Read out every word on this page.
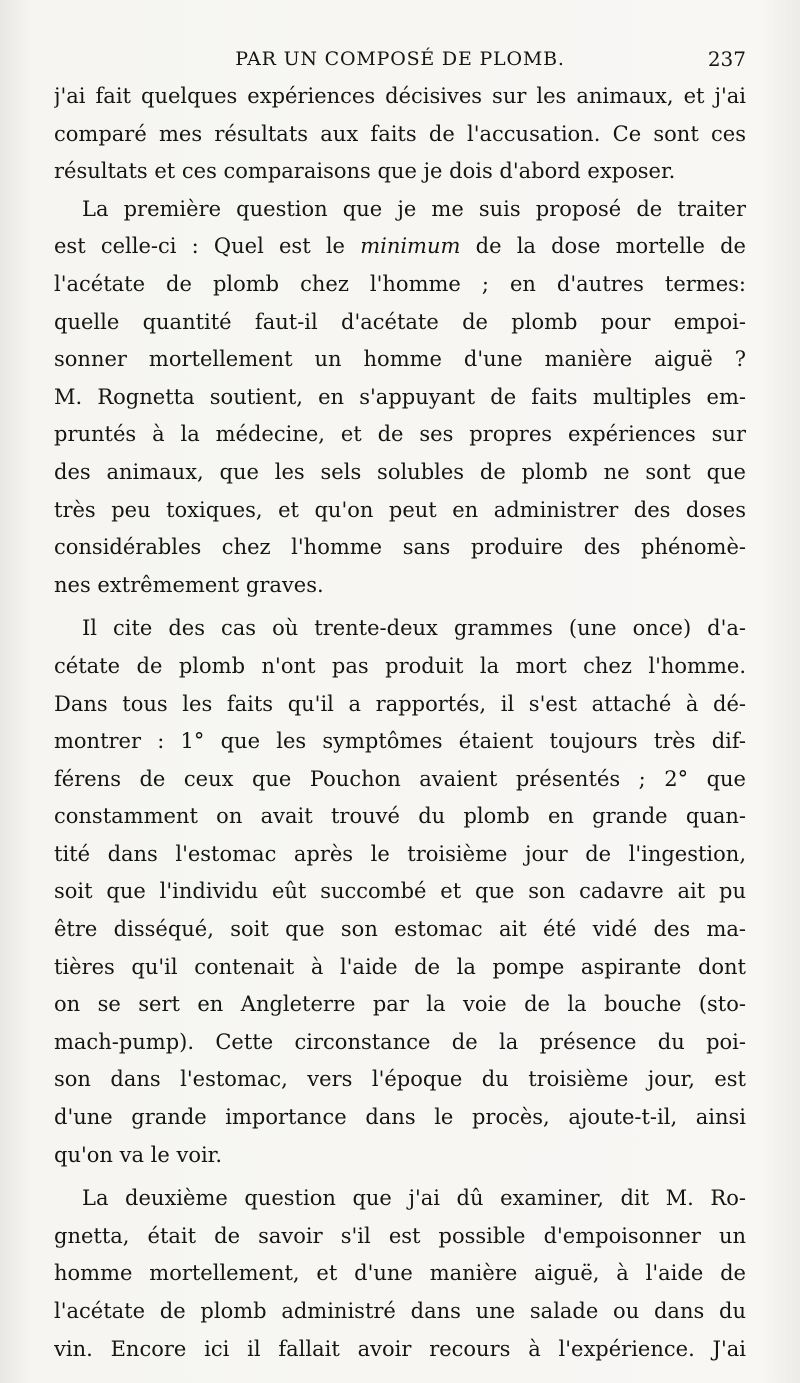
PAR UN COMPOSÉ DE PLOMB.	237
j'ai fait quelques expériences décisives sur les animaux, et j'ai
comparé mes résultats aux faits de l'accusation. Ce sont ces
résultats et ces comparaisons que je dois d'abord exposer.
La première question que je me suis proposé de traiter
est celle-ci : Quel est le minimum de la dose mortelle de
l'acétate de plomb chez l'homme ; en d'autres termes:
quelle quantité faut-il d'acétate de plomb pour empoi-
sonner mortellement un homme d'une manière aiguë ?
M. Rognetta soutient, en s'appuyant de faits multiples em-
pruntés à la médecine, et de ses propres expériences sur
des animaux, que les sels solubles de plomb ne sont que
très peu toxiques, et qu'on peut en administrer des doses
considérables chez l'homme sans produire des phénomè-
nes extrêmement graves.
Il cite des cas où trente-deux grammes (une once) d'a-
cétate de plomb n'ont pas produit la mort chez l'homme.
Dans tous les faits qu'il a rapportés, il s'est attaché à dé-
montrer : 1° que les symptômes étaient toujours très dif-
férens de ceux que Pouchon avaient présentés ; 2° que
constamment on avait trouvé du plomb en grande quan-
tité dans l'estomac après le troisième jour de l'ingestion,
soit que l'individu eût succombé et que son cadavre ait pu
être disséqué, soit que son estomac ait été vidé des ma-
tières qu'il contenait à l'aide de la pompe aspirante dont
on se sert en Angleterre par la voie de la bouche (sto-
mach-pump). Cette circonstance de la présence du poi-
son dans l'estomac, vers l'époque du troisième jour, est
d'une grande importance dans le procès, ajoute-t-il, ainsi
qu'on va le voir.
La deuxième question que j'ai dû examiner, dit M. Ro-
gnetta, était de savoir s'il est possible d'empoisonner un
homme mortellement, et d'une manière aiguë, à l'aide de
l'acétate de plomb administré dans une salade ou dans du
vin. Encore ici il fallait avoir recours à l'expérience. J'ai
